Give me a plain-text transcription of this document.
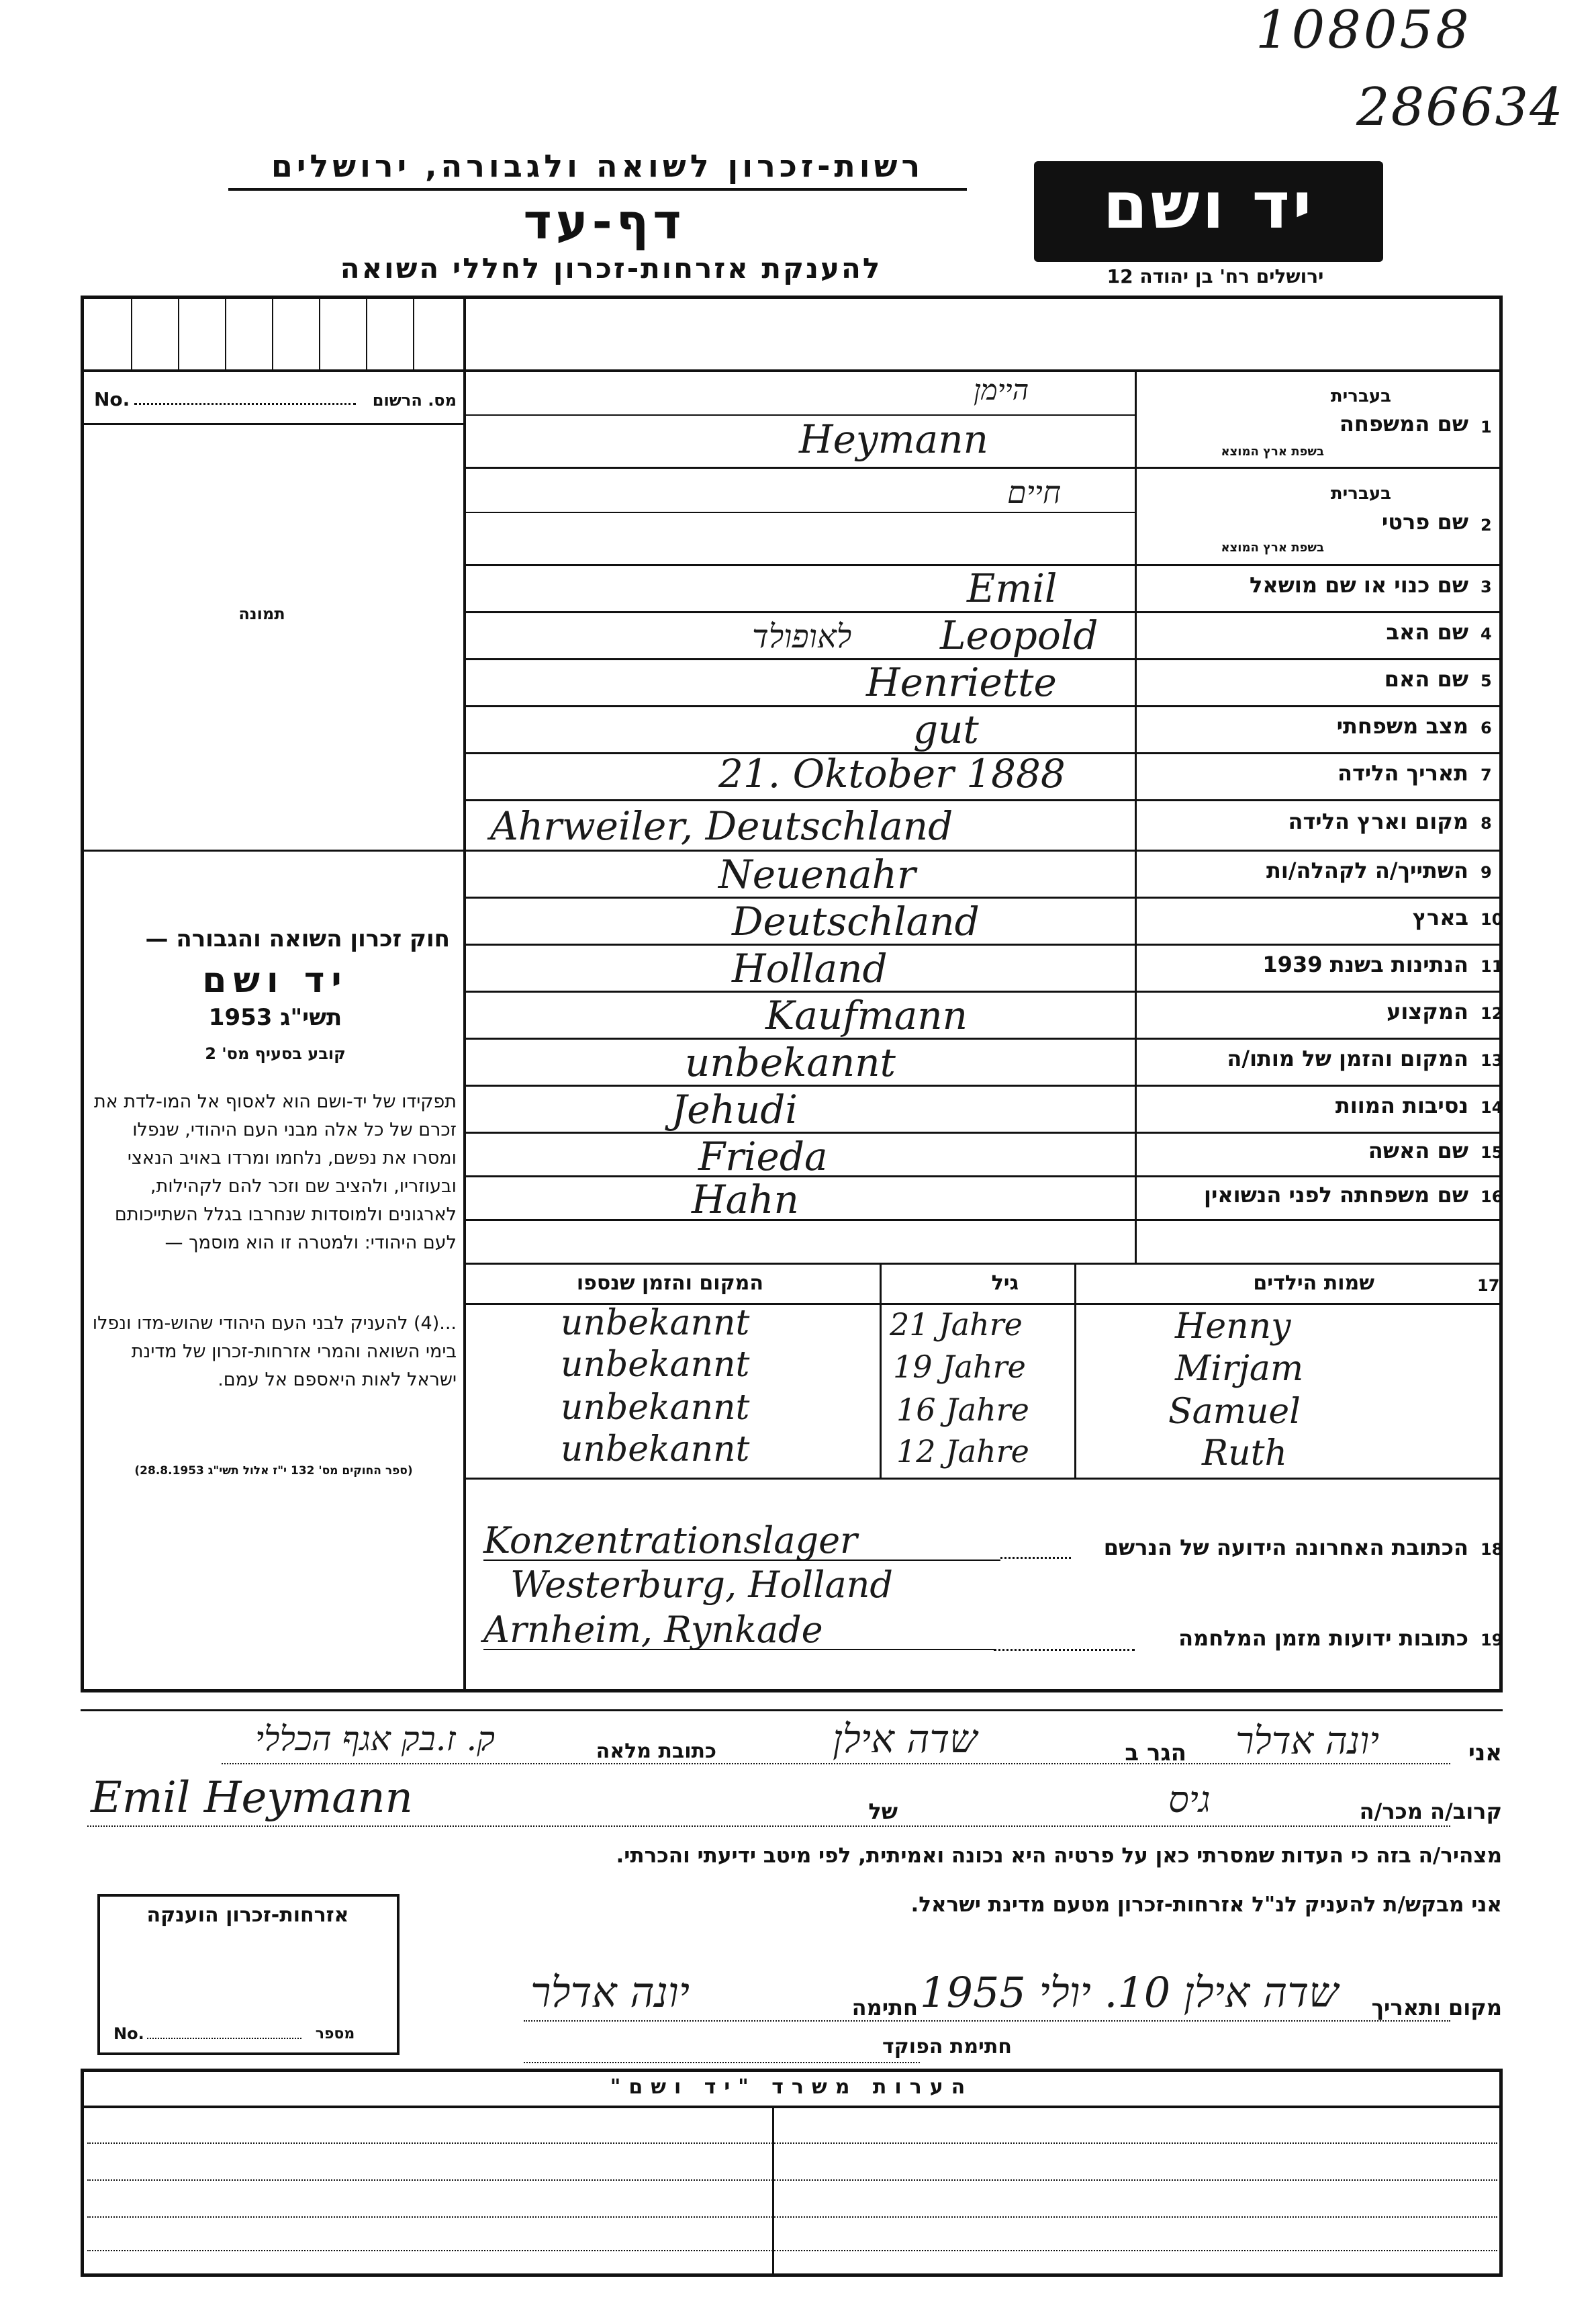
108058
286634
רשות-זכרון לשואה ולגבורה, ירושלים
דף-עד
להענקת אזרחות-זכרון לחללי השואה
יד ושם
ירושלים רח' בן יהודה 12
No.	מס. הרשום
תמונה
חוק זכרון השואה והגבורה —
יד ושם
תשי"ג 1953
קובע בסעיף מס' 2
תפקידו של יד-ושם הוא לאסוף אל המו-לדת את זכרם של כל אלה מבני העם היהודי, שנפלו ומסרו את נפשם, נלחמו ומרדו באויב הנאצי ובעוזריו, ולהציב שם וזכר להם לקהילות, לארגונים ולמוסדות שנחרבו בגלל השתייכותם לעם היהודי: ולמטרה זו הוא מוסמך —
...(4) להעניק לבני העם היהודי שהוש-מדו ונפלו בימי השואה והמרי אזרחות-זכרון של מדינת ישראל לאות היאספם אל עמם.
(ספר החוקים מס' 132 י"ז אלול תשי"ג 28.8.1953)
1
שם המשפחה
בעברית
בשפת ארץ המוצא
היימן
Heymann
2
שם פרטי
בעברית
בשפת ארץ המוצא
חיים
3
שם כנוי או שם מושאל
Emil
4
שם האב
לאופולד Leopold
5
שם האם
Henriette
6
מצב משפחתי
gut
7
תאריך הלידה
21. Oktober 1888
8
מקום וארץ הלידה
Ahrweiler, Deutschland
9
השתייך/ה לקהלה/ות
Neuenahr
10
בארץ
Deutschland
11
הנתינות בשנת 1939
Holland
12
המקצוע
Kaufmann
13
המקום והזמן של מותו/ה
unbekannt
14
נסיבות המוות
Jehudi
15
שם האשה
Frieda
16
שם משפחתה לפני הנשואין
Hahn
17
שמות הילדים
גיל
המקום והזמן שנספו
unbekannt	21 Jahre	Henny
unbekannt	19 Jahre	Mirjam
unbekannt	16 Jahre	Samuel
unbekannt	12 Jahre	Ruth
18
הכתובת האחרונה הידועה של הנרשם
Konzentrationslager
Westerburg, Holland
19
כתובות ידועות מזמן המלחמה
Arnheim, Rynkade
אני
יונה אדלר
הגר ב
שדה אילן
כתובת מלאה
ק. ז.בק אגף הכללי
קרוב/ה מכר/ה
גיס
של
Emil Heymann
מצהיר/ה בזה כי העדות שמסרתי כאן על פרטיה היא נכונה ואמיתית, לפי מיטב ידיעתי והכרתי.
אני מבקש/ת להעניק לנ"ל אזרחות-זכרון מטעם מדינת ישראל.
מקום ותאריך
שדה אילן 10. יולי 1955
חתימה
יונה אדלר
חתימת הפוקד
אזרחות-זכרון הוענקה
No.	מספר
הערות משרד "יד ושם"
